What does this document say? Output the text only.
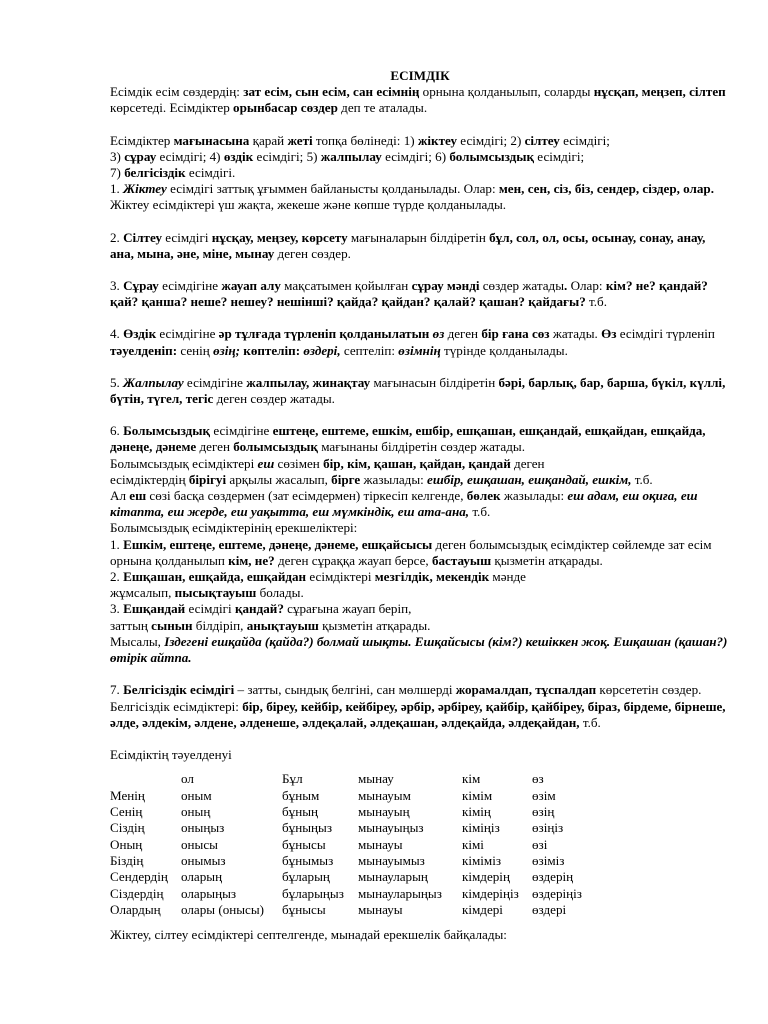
ЕСІМДІК

Есімдік есім сөздердің: зат есім, сын есім, сан есімнің орнына қолданылып, соларды нұсқап, меңзеп, сілтеп көрсетеді. Есімдіктер орынбасар сөздер деп те аталады.

Есімдіктер мағынасына қарай жеті топқа бөлінеді: 1) жіктеу есімдігі; 2) сілтеу есімдігі;
3) сұрау есімдігі; 4) өздік есімдігі; 5) жалпылау есімдігі; 6) болымсыздық есімдігі;
7) белгісіздік есімдігі.

1. Жіктеу есімдігі заттық ұғыммен байланысты қолданылады. Олар: мен, сен, сіз, біз, сендер, сіздер, олар. Жіктеу есімдіктері үш жақта, жекеше және көпше түрде қолданылады.

2. Сілтеу есімдігі нұсқау, меңзеу, көрсету мағыналарын білдіретін бұл, сол, ол, осы, осынау, сонау, анау, ана, мына, әне, міне, мынау деген сөздер.

3. Сұрау есімдігіне жауап алу мақсатымен қойылған сұрау мәнді сөздер жатады. Олар: кім? не? қандай? қай? қанша? неше? нешеу? нешінші? қайда? қайдан? қалай? қашан? қайдағы? т.б.

4. Өздік есімдігіне әр тұлғада түрленіп қолданылатын өз деген бір ғана сөз жатады. Өз есімдігі түрленіп тәуелденіп: сенің өзің; көптеліп: өздері, септеліп: өзімнің түрінде қолданылады.

5. Жалпылау есімдігіне жалпылау, жинақтау мағынасын білдіретін бәрі, барлық, бар, барша, бүкіл, күллі, бүтін, түгел, тегіс деген сөздер жатады.

6. Болымсыздық есімдігіне ештеңе, ештеме, ешкім, ешбір, ешқашан, ешқандай, ешқайдан, ешқайда, дәнеңе, дәнеме деген болымсыздық мағынаны білдіретін сөздер жатады.

Болымсыздық есімдіктері еш сөзімен бір, кім, қашан, қайдан, қандай деген
есімдіктердің бірігуі арқылы жасалып, бірге жазылады: ешбір, ешқашан, ешқандай, ешкім, т.б.

Ал еш сөзі басқа сөздермен (зат есімдермен) тіркесіп келгенде, бөлек жазылады: еш адам, еш оқиға, еш кітапта, еш жерде, еш уақытта, еш мүмкіндік, еш ата-ана, т.б.

Болымсыздық есімдіктерінің ерекшеліктері:

1. Ешкім, ештеңе, ештеме, дәнеңе, дәнеме, ешқайсысы деген болымсыздық есімдіктер сөйлемде зат есім орнына қолданылып кім, не? деген сұраққа жауап берсе, бастауыш қызметін атқарады.

2. Ешқашан, ешқайда, ешқайдан есімдіктері мезгілдік, мекендік мәнде
жұмсалып, пысықтауыш болады.

3. Ешқандай есімдігі қандай? сұрағына жауап беріп,
заттың сынын білдіріп, анықтауыш қызметін атқарады.

Мысалы, Іздегені ешқайда (қайда?) болмай шықты. Ешқайсысы (кім?) кешіккен жоқ. Ешқашан (қашан?) өтірік айтпа.

7. Белгісіздік есімдігі – затты, сындық белгіні, сан мөлшерді жорамалдап, тұспалдап көрсететін сөздер. Белгісіздік есімдіктері: бір, біреу, кейбір, кейбіреу, әрбір, әрбіреу, қайбір, қайбіреу, біраз, бірдеме, бірнеше, әлде, әлдекім, әлдене, әлденеше, әлдеқалай, әлдеқашан, әлдеқайда, әлдеқайдан, т.б.

Есімдіктің тәуелденуі

	ол	Бұл	мынау	кім	өз
Менің	оным	бұным	мынауым	кімім	өзім
Сенің	оның	бұның	мынауың	кімің	өзің
Сіздің	оныңыз	бұныңыз	мынауыңыз	кіміңіз	өзіңіз
Оның	онысы	бұнысы	мынауы	кімі	өзі
Біздің	онымыз	бұнымыз	мынауымыз	кіміміз	өзіміз
Сендердің	оларың	бұларың	мынауларың	кімдерің	өздерің
Сіздердің	оларыңыз	бұларыңыз	мынауларыңыз	кімдеріңіз	өздеріңіз
Олардың	олары (онысы)	бұнысы	мынауы	кімдері	өздері

Жіктеу, сілтеу есімдіктері септелгенде, мынадай ерекшелік байқалады:
